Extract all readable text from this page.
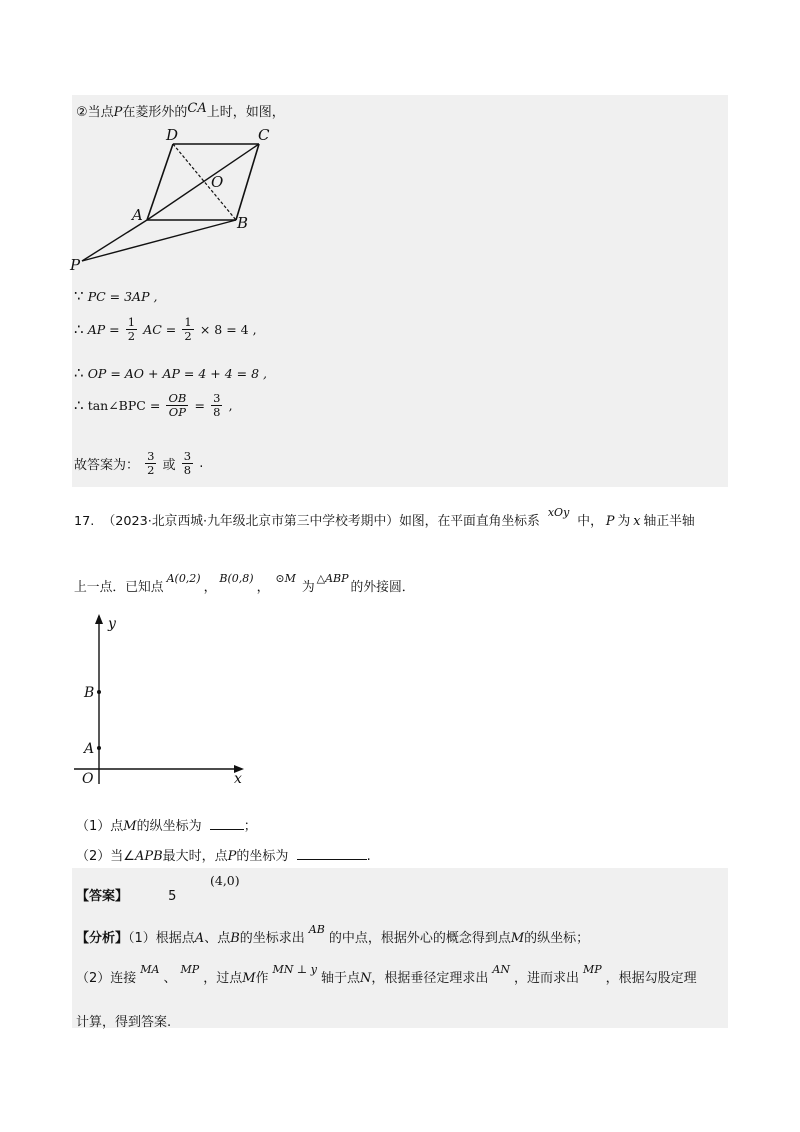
②当点P在菱形外的CA上时，如图，
D	C
O
A	B
P
∵ PC = 3AP ,
∴ AP = $\frac{1}{2}$ AC = $\frac{1}{2} \times 8 = 4$ ,
∴ OP = AO + AP = 4 + 4 = 8 ,
∴ tan∠BPC = $\frac{OB}{OP} = \frac{3}{8}$ ,
故答案为： $\frac{3}{2}$ 或 $\frac{3}{8}$ .
17. （2023·北京西城·九年级北京市第三中学校考期中）如图，在平面直角坐标系xOy中， P 为 x 轴正半轴
上一点．已知点A(0,2)，B(0,8)，⊙M为△ABP的外接圆．
y
x
O
B
A
（1）点M的纵坐标为	；
（2）当∠APB最大时，点P的坐标为	.
【答案】	5
(4,0)
【分析】（1）根据点A、点B的坐标求出$^{AB}$的中点，根据外心的概念得到点M的纵坐标；
（2）连接$^{MA}$、$^{MP}$，过点M作$^{MN \perp y}$轴于点N，根据垂径定理求出$^{AN}$，进而求出$^{MP}$，根据勾股定理
计算，得到答案.
